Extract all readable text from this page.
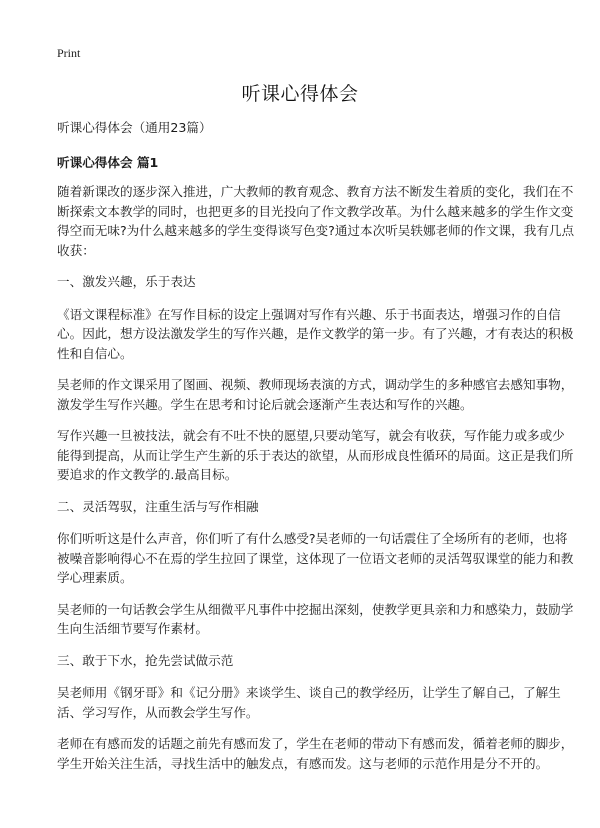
Print
听课心得体会

听课心得体会（通用23篇）

听课心得体会 篇1

随着新课改的逐步深入推进，广大教师的教育观念、教育方法不断发生着质的变化，我们在不断探索文本教学的同时，也把更多的目光投向了作文教学改革。为什么越来越多的学生作文变得空而无味?为什么越来越多的学生变得谈写色变?通过本次听吴轶娜老师的作文课，我有几点收获：

一、激发兴趣，乐于表达

《语文课程标准》在写作目标的设定上强调对写作有兴趣、乐于书面表达，增强习作的自信心。因此，想方设法激发学生的写作兴趣，是作文教学的第一步。有了兴趣，才有表达的积极性和自信心。

吴老师的作文课采用了图画、视频、教师现场表演的方式，调动学生的多种感官去感知事物，激发学生写作兴趣。学生在思考和讨论后就会逐渐产生表达和写作的兴趣。

写作兴趣一旦被技法，就会有不吐不快的愿望,只要动笔写，就会有收获，写作能力或多或少能得到提高，从而让学生产生新的乐于表达的欲望，从而形成良性循环的局面。这正是我们所要追求的作文教学的.最高目标。

二、灵活驾驭，注重生活与写作相融

你们听听这是什么声音，你们听了有什么感受?吴老师的一句话震住了全场所有的老师，也将被噪音影响得心不在焉的学生拉回了课堂，这体现了一位语文老师的灵活驾驭课堂的能力和教学心理素质。

吴老师的一句话教会学生从细微平凡事件中挖掘出深刻，使教学更具亲和力和感染力，鼓励学生向生活细节要写作素材。

三、敢于下水，抢先尝试做示范

吴老师用《钢牙哥》和《记分册》来谈学生、谈自己的教学经历，让学生了解自己，了解生活、学习写作，从而教会学生写作。

老师在有感而发的话题之前先有感而发了，学生在老师的带动下有感而发，循着老师的脚步，学生开始关注生活，寻找生活中的触发点，有感而发。这与老师的示范作用是分不开的。
